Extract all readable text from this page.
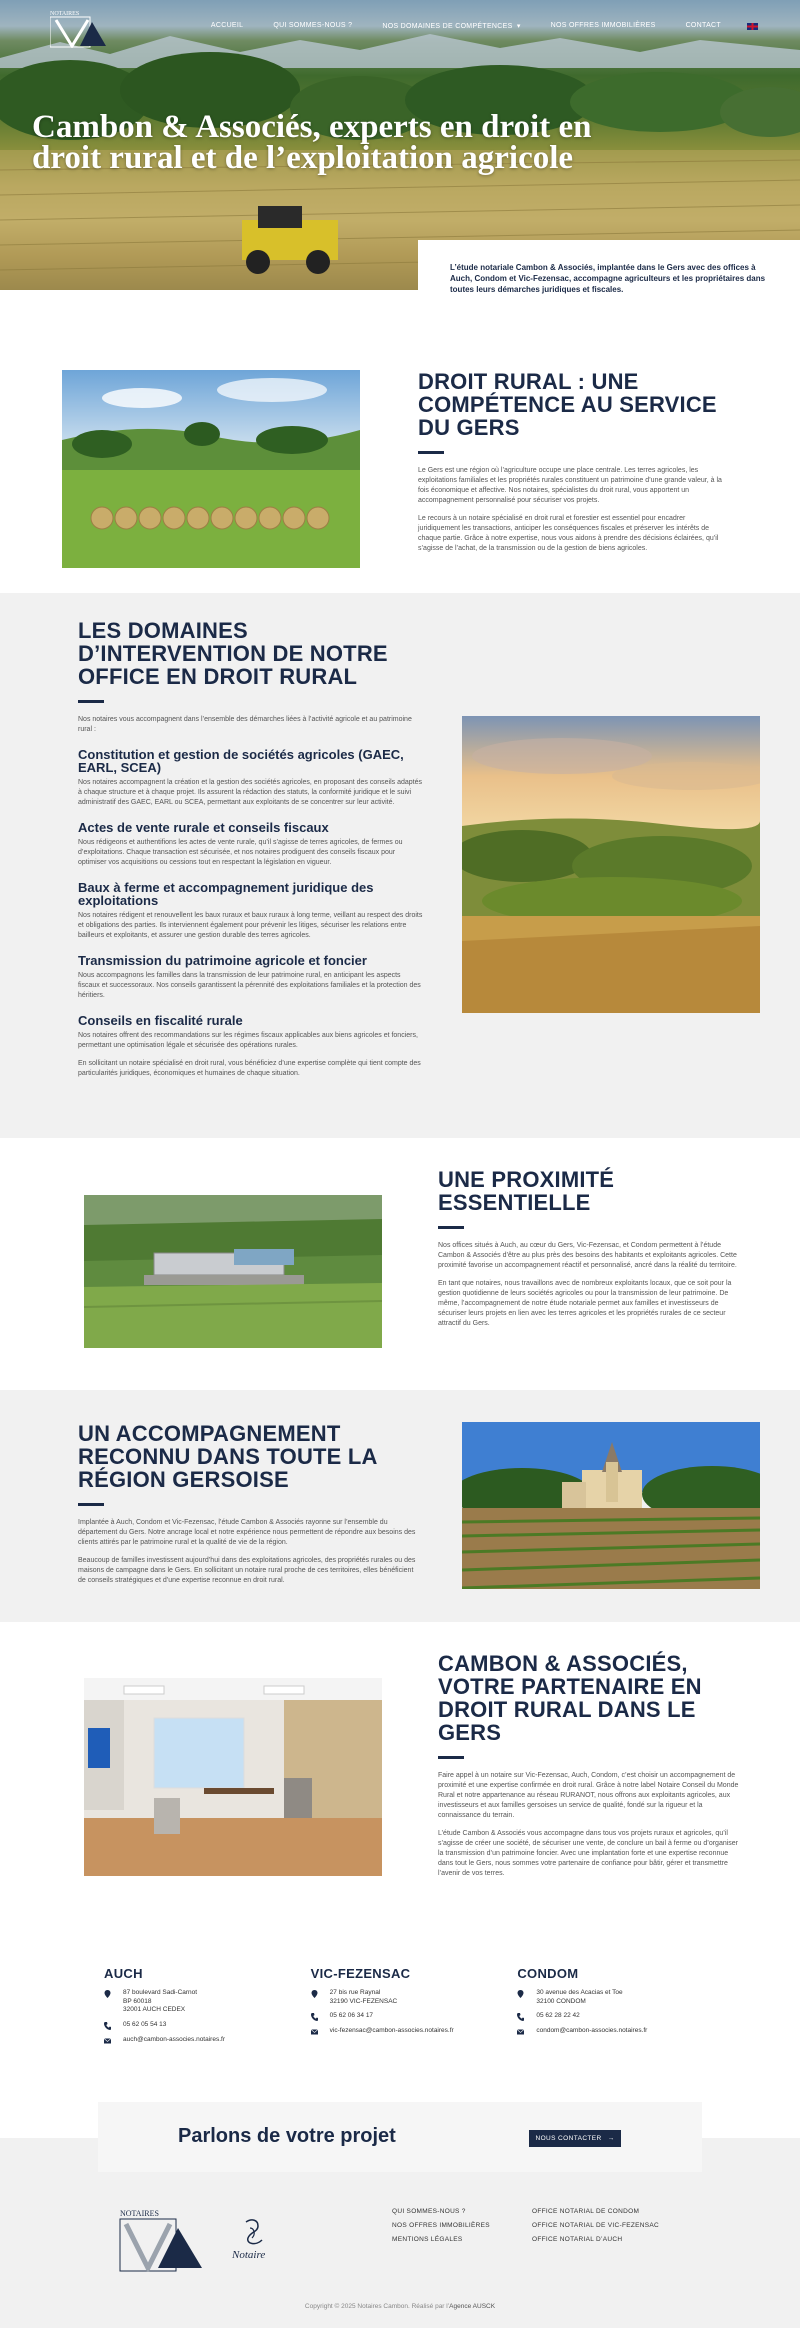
NOTAIRES
ACCUEIL	QUI SOMMES-NOUS ?	NOS DOMAINES DE COMPÉTENCES ▾	NOS OFFRES IMMOBILIÈRES	CONTACT
Cambon & Associés, experts en droit en droit rural et de l’exploitation agricole

L’étude notariale Cambon & Associés, implantée dans le Gers avec des offices à Auch, Condom et Vic-Fezensac, accompagne agriculteurs et les propriétaires dans toutes leurs démarches juridiques et fiscales.

DROIT RURAL : UNE COMPÉTENCE AU SERVICE DU GERS

Le Gers est une région où l’agriculture occupe une place centrale. Les terres agricoles, les exploitations familiales et les propriétés rurales constituent un patrimoine d’une grande valeur, à la fois économique et affective. Nos notaires, spécialistes du droit rural, vous apportent un accompagnement personnalisé pour sécuriser vos projets.

Le recours à un notaire spécialisé en droit rural et forestier est essentiel pour encadrer juridiquement les transactions, anticiper les conséquences fiscales et préserver les intérêts de chaque partie. Grâce à notre expertise, nous vous aidons à prendre des décisions éclairées, qu’il s’agisse de l’achat, de la transmission ou de la gestion de biens agricoles.

LES DOMAINES D’INTERVENTION DE NOTRE OFFICE EN DROIT RURAL

Nos notaires vous accompagnent dans l’ensemble des démarches liées à l’activité agricole et au patrimoine rural :

Constitution et gestion de sociétés agricoles (GAEC, EARL, SCEA)

Nos notaires accompagnent la création et la gestion des sociétés agricoles, en proposant des conseils adaptés à chaque structure et à chaque projet. Ils assurent la rédaction des statuts, la conformité juridique et le suivi administratif des GAEC, EARL ou SCEA, permettant aux exploitants de se concentrer sur leur activité.

Actes de vente rurale et conseils fiscaux

Nous rédigeons et authentifions les actes de vente rurale, qu’il s’agisse de terres agricoles, de fermes ou d’exploitations. Chaque transaction est sécurisée, et nos notaires prodiguent des conseils fiscaux pour optimiser vos acquisitions ou cessions tout en respectant la législation en vigueur.

Baux à ferme et accompagnement juridique des exploitations

Nos notaires rédigent et renouvellent les baux ruraux et baux ruraux à long terme, veillant au respect des droits et obligations des parties. Ils interviennent également pour prévenir les litiges, sécuriser les relations entre bailleurs et exploitants, et assurer une gestion durable des terres agricoles.

Transmission du patrimoine agricole et foncier

Nous accompagnons les familles dans la transmission de leur patrimoine rural, en anticipant les aspects fiscaux et successoraux. Nos conseils garantissent la pérennité des exploitations familiales et la protection des héritiers.

Conseils en fiscalité rurale

Nos notaires offrent des recommandations sur les régimes fiscaux applicables aux biens agricoles et fonciers, permettant une optimisation légale et sécurisée des opérations rurales.

En sollicitant un notaire spécialisé en droit rural, vous bénéficiez d’une expertise complète qui tient compte des particularités juridiques, économiques et humaines de chaque situation.

UNE PROXIMITÉ ESSENTIELLE

Nos offices situés à Auch, au cœur du Gers, Vic-Fezensac, et Condom permettent à l’étude Cambon & Associés d’être au plus près des besoins des habitants et exploitants agricoles. Cette proximité favorise un accompagnement réactif et personnalisé, ancré dans la réalité du territoire.

En tant que notaires, nous travaillons avec de nombreux exploitants locaux, que ce soit pour la gestion quotidienne de leurs sociétés agricoles ou pour la transmission de leur patrimoine. De même, l’accompagnement de notre étude notariale permet aux familles et investisseurs de sécuriser leurs projets en lien avec les terres agricoles et les propriétés rurales de ce secteur attractif du Gers.

UN ACCOMPAGNEMENT RECONNU DANS TOUTE LA RÉGION GERSOISE

Implantée à Auch, Condom et Vic-Fezensac, l’étude Cambon & Associés rayonne sur l’ensemble du département du Gers. Notre ancrage local et notre expérience nous permettent de répondre aux besoins des clients attirés par le patrimoine rural et la qualité de vie de la région.

Beaucoup de familles investissent aujourd’hui dans des exploitations agricoles, des propriétés rurales ou des maisons de campagne dans le Gers. En sollicitant un notaire rural proche de ces territoires, elles bénéficient de conseils stratégiques et d’une expertise reconnue en droit rural.

CAMBON & ASSOCIÉS, VOTRE PARTENAIRE EN DROIT RURAL DANS LE GERS

Faire appel à un notaire sur Vic-Fezensac, Auch, Condom, c’est choisir un accompagnement de proximité et une expertise confirmée en droit rural. Grâce à notre label Notaire Conseil du Monde Rural et notre appartenance au réseau RURANOT, nous offrons aux exploitants agricoles, aux investisseurs et aux familles gersoises un service de qualité, fondé sur la rigueur et la connaissance du terrain.

L’étude Cambon & Associés vous accompagne dans tous vos projets ruraux et agricoles, qu’il s’agisse de créer une société, de sécuriser une vente, de conclure un bail à ferme ou d’organiser la transmission d’un patrimoine foncier. Avec une implantation forte et une expertise reconnue dans tout le Gers, nous sommes votre partenaire de confiance pour bâtir, gérer et transmettre l’avenir de vos terres.

AUCH
87 boulevard Sadi-Carnot
BP 60018
32001 AUCH CEDEX
05 62 05 54 13
auch@cambon-associes.notaires.fr
VIC-FEZENSAC
27 bis rue Raynal
32190 VIC-FEZENSAC
05 62 06 34 17
vic-fezensac@cambon-associes.notaires.fr
CONDOM
30 avenue des Acacias et Toe
32100 CONDOM
05 62 28 22 42
condom@cambon-associes.notaires.fr
Parlons de votre projet	NOUS CONTACTER →
NOTAIRES
Notaire
QUI SOMMES-NOUS ?
NOS OFFRES IMMOBILIÈRES
MENTIONS LÉGALES
OFFICE NOTARIAL DE CONDOM
OFFICE NOTARIAL DE VIC-FEZENSAC
OFFICE NOTARIAL D’AUCH
Copyright © 2025 Notaires Cambon. Réalisé par l’Agence AUSCK
